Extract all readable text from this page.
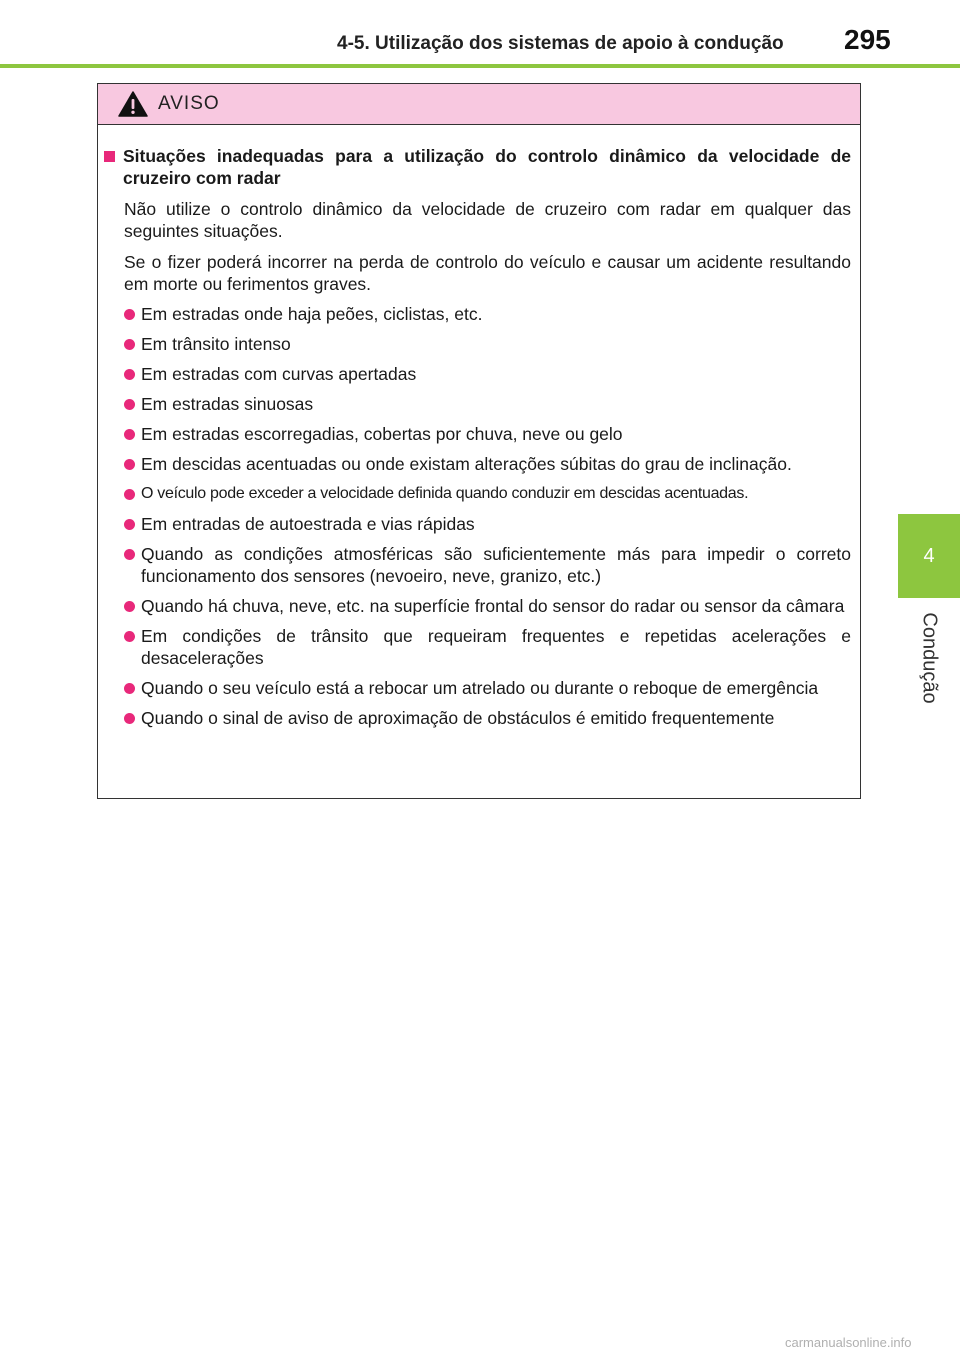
4-5. Utilização dos sistemas de apoio à condução 295
4
Condução
AVISO
Situações inadequadas para a utilização do controlo dinâmico da velocidade de cruzeiro com radar

Não utilize o controlo dinâmico da velocidade de cruzeiro com radar em qualquer das seguintes situações.

Se o fizer poderá incorrer na perda de controlo do veículo e causar um acidente resultando em morte ou ferimentos graves.

Em estradas onde haja peões, ciclistas, etc.
Em trânsito intenso
Em estradas com curvas apertadas
Em estradas sinuosas
Em estradas escorregadias, cobertas por chuva, neve ou gelo
Em descidas acentuadas ou onde existam alterações súbitas do grau de inclinação.
O veículo pode exceder a velocidade definida quando conduzir em descidas acentuadas.
Em entradas de autoestrada e vias rápidas
Quando as condições atmosféricas são suficientemente más para impedir o correto funcionamento dos sensores (nevoeiro, neve, granizo, etc.)
Quando há chuva, neve, etc. na superfície frontal do sensor do radar ou sensor da câmara
Em condições de trânsito que requeiram frequentes e repetidas acelerações e desacelerações
Quando o seu veículo está a rebocar um atrelado ou durante o reboque de emergência
Quando o sinal de aviso de aproximação de obstáculos é emitido frequentemente
carmanualsonline.info
